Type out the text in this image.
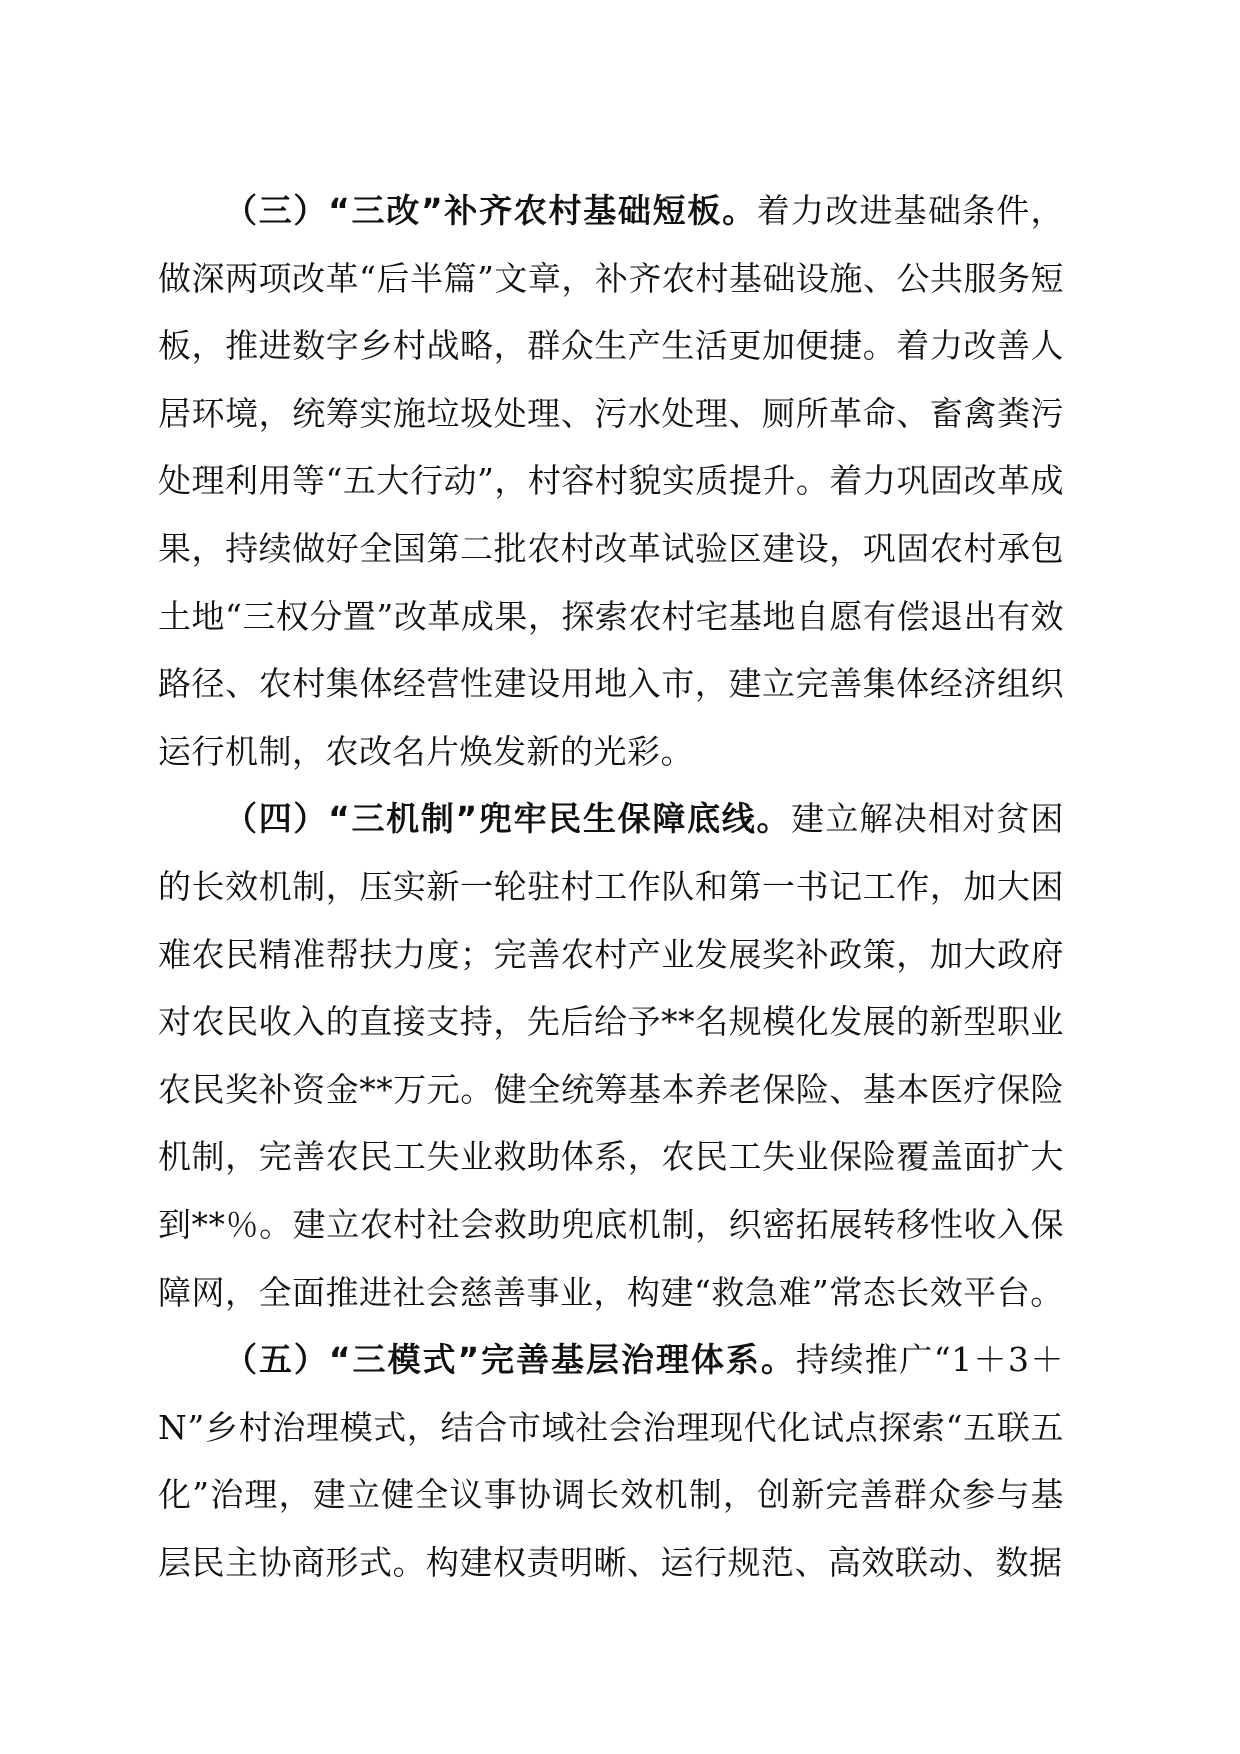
（三）“三改”补齐农村基础短板。着力改进基础条件，做深两项改革“后半篇”文章，补齐农村基础设施、公共服务短板，推进数字乡村战略，群众生产生活更加便捷。着力改善人居环境，统筹实施垃圾处理、污水处理、厕所革命、畜禽粪污处理利用等“五大行动”，村容村貌实质提升。着力巩固改革成果，持续做好全国第二批农村改革试验区建设，巩固农村承包土地“三权分置”改革成果，探索农村宅基地自愿有偿退出有效路径、农村集体经营性建设用地入市，建立完善集体经济组织运行机制，农改名片焕发新的光彩。

（四）“三机制”兜牢民生保障底线。建立解决相对贫困的长效机制，压实新一轮驻村工作队和第一书记工作，加大困难农民精准帮扶力度；完善农村产业发展奖补政策，加大政府对农民收入的直接支持，先后给予**名规模化发展的新型职业农民奖补资金**万元。健全统筹基本养老保险、基本医疗保险机制，完善农民工失业救助体系，农民工失业保险覆盖面扩大到**％。建立农村社会救助兜底机制，织密拓展转移性收入保障网，全面推进社会慈善事业，构建“救急难”常态长效平台。

（五）“三模式”完善基层治理体系。持续推广“1＋3＋N”乡村治理模式，结合市域社会治理现代化试点探索“五联五化”治理，建立健全议事协调长效机制，创新完善群众参与基层民主协商形式。构建权责明晰、运行规范、高效联动、数据
